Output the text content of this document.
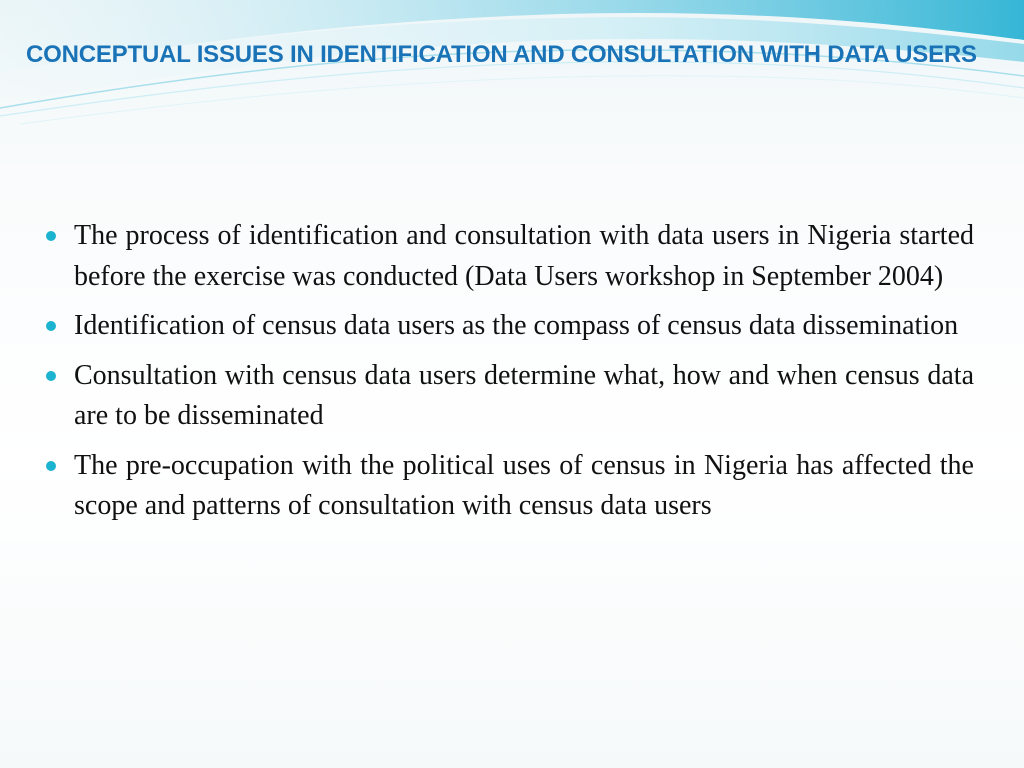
CONCEPTUAL ISSUES IN IDENTIFICATION AND CONSULTATION WITH DATA USERS
The process of identification and consultation with data users in Nigeria started before the exercise was conducted (Data Users workshop in September 2004)
Identification of census data users as the compass of census data dissemination
Consultation with census data users determine what, how and when census data are to be disseminated
The pre-occupation with the political uses of census in Nigeria has affected the scope and patterns of consultation with census data users
